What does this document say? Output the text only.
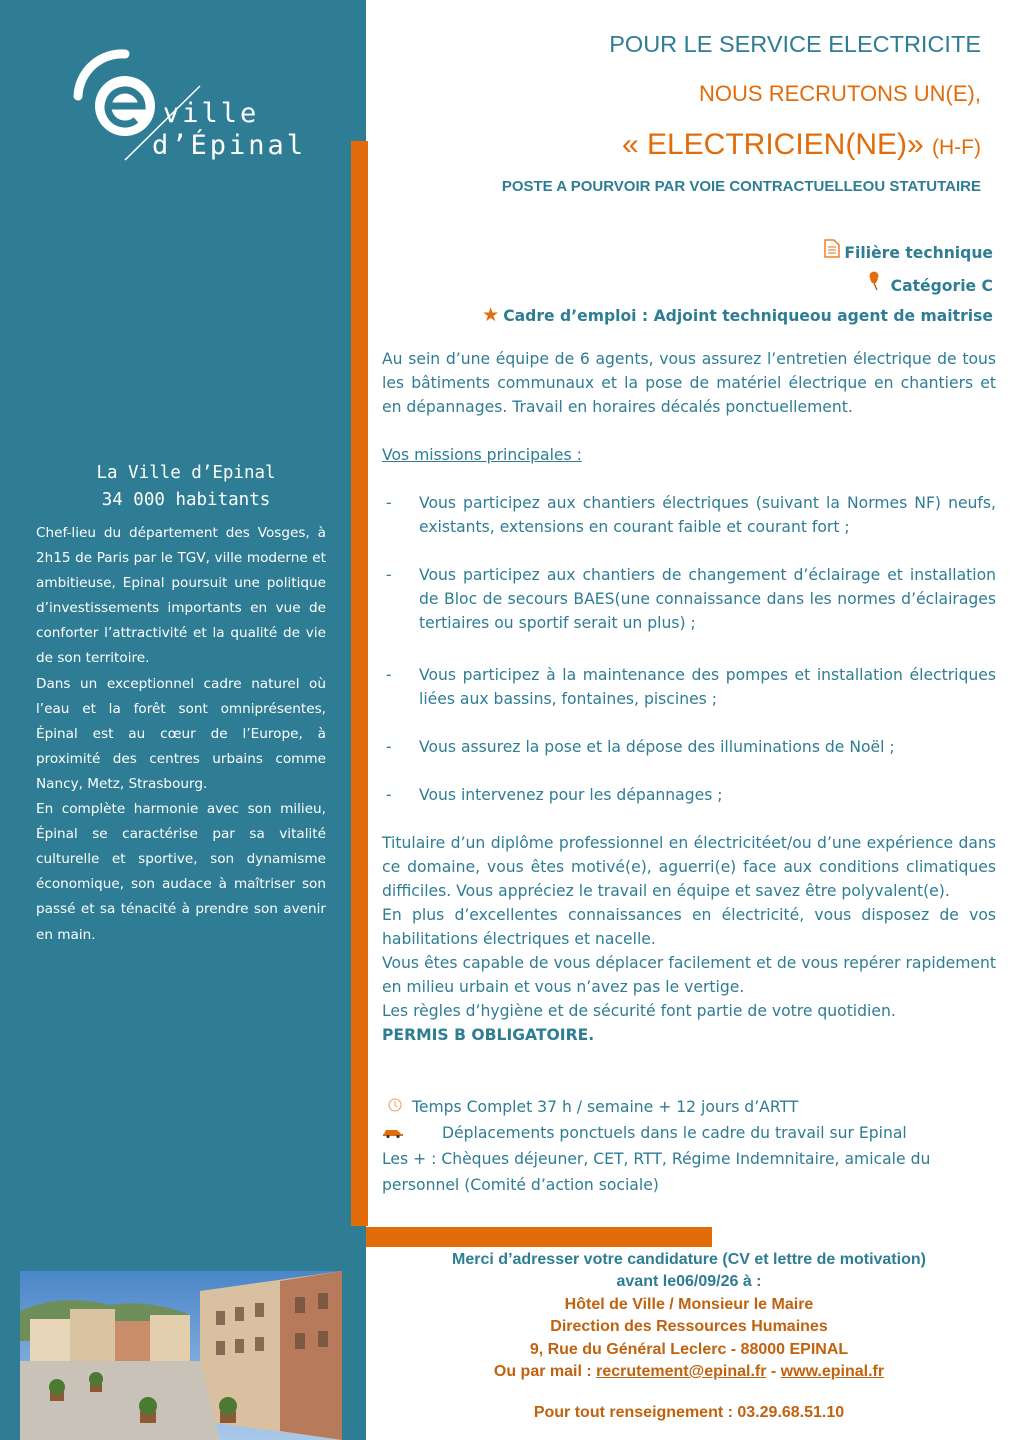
ville
d’Épinal
La Ville d’Epinal
34 000 habitants

Chef-lieu du département des Vosges, à 2h15 de Paris par le TGV, ville moderne et ambitieuse, Epinal poursuit une politique d’investissements importants en vue de conforter l’attractivité et la qualité de vie de son territoire.

Dans un exceptionnel cadre naturel où l’eau et la forêt sont omniprésentes, Épinal est au cœur de l’Europe, à proximité des centres urbains comme Nancy, Metz, Strasbourg.

En complète harmonie avec son milieu, Épinal se caractérise par sa vitalité culturelle et sportive, son dynamisme économique, son audace à maîtriser son passé et sa ténacité à prendre son avenir en main.

POUR LE SERVICE ELECTRICITE
NOUS RECRUTONS UN(E),
« ELECTRICIEN(NE)» (H-F)
POSTE A POURVOIR PAR VOIE CONTRACTUELLEOU STATUTAIRE
Filière technique
Catégorie C
★ Cadre d’emploi : Adjoint techniqueou agent de maitrise

Au sein d’une équipe de 6 agents, vous assurez l’entretien électrique de tous les bâtiments communaux et la pose de matériel électrique en chantiers et en dépannages. Travail en horaires décalés ponctuellement.

Vos missions principales :
- Vous participez aux chantiers électriques (suivant la Normes NF) neufs, existants, extensions en courant faible et courant fort ;
- Vous participez aux chantiers de changement d’éclairage et installation de Bloc de secours BAES(une connaissance dans les normes d’éclairages tertiaires ou sportif serait un plus) ;
- Vous participez à la maintenance des pompes et installation électriques liées aux bassins, fontaines, piscines ;
- Vous assurez la pose et la dépose des illuminations de Noël ;
- Vous intervenez pour les dépannages ;

Titulaire d’un diplôme professionnel en électricitéet/ou d’une expérience dans ce domaine, vous êtes motivé(e), aguerri(e) face aux conditions climatiques difficiles. Vous appréciez le travail en équipe et savez être polyvalent(e).

En plus d’excellentes connaissances en électricité, vous disposez de vos habilitations électriques et nacelle.

Vous êtes capable de vous déplacer facilement et de vous repérer rapidement en milieu urbain et vous n’avez pas le vertige.

Les règles d’hygiène et de sécurité font partie de votre quotidien.

PERMIS B OBLIGATOIRE.

Temps Complet 37 h / semaine + 12 jours d’ARTT
Déplacements ponctuels dans le cadre du travail sur Epinal
Les + : Chèques déjeuner, CET, RTT, Régime Indemnitaire, amicale du personnel (Comité d’action sociale)
Merci d’adresser votre candidature (CV et lettre de motivation)
avant le06/09/26 à :
Hôtel de Ville / Monsieur le Maire
Direction des Ressources Humaines
9, Rue du Général Leclerc - 88000 EPINAL
Ou par mail : recrutement@epinal.fr - www.epinal.fr
Pour tout renseignement : 03.29.68.51.10
